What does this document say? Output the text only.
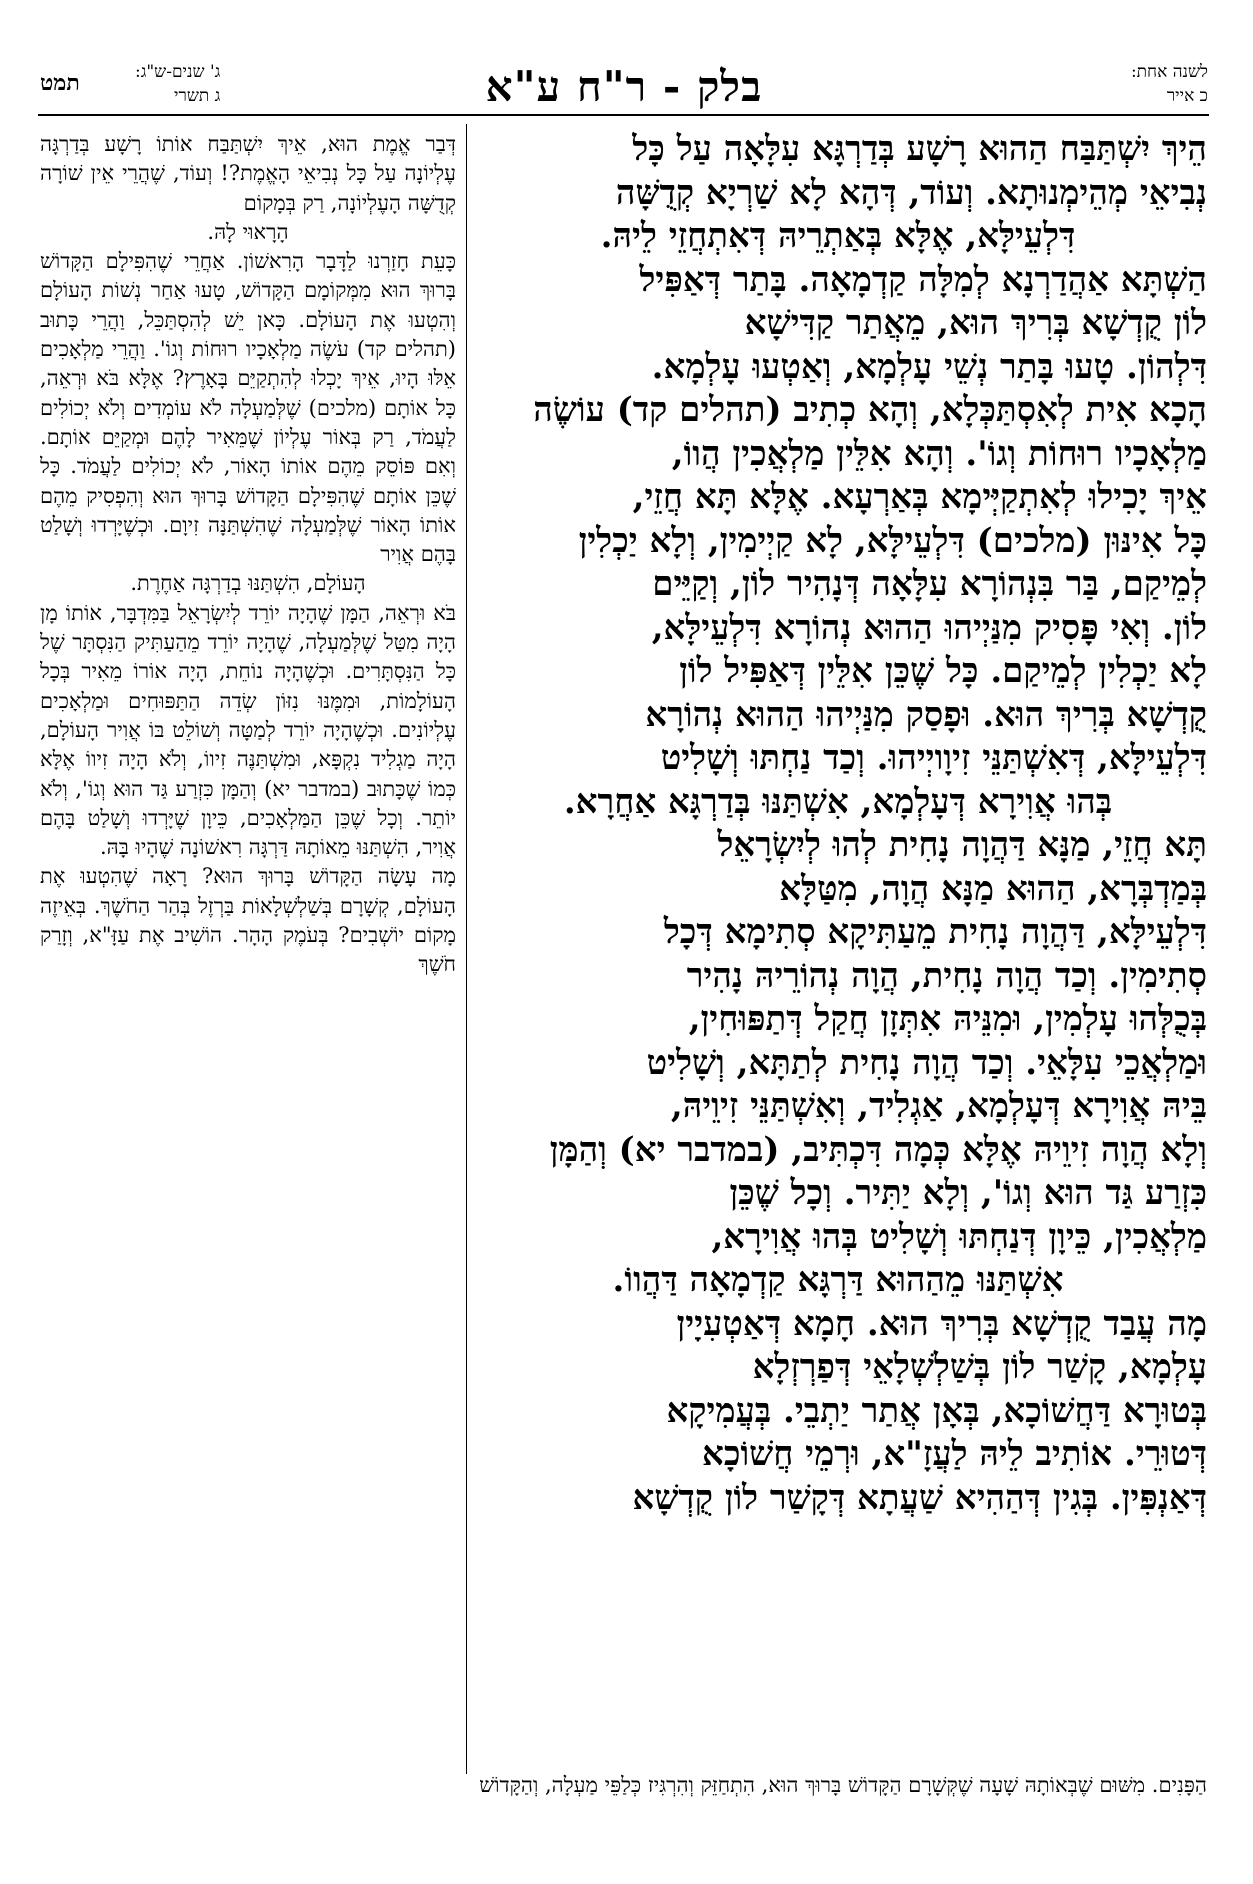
לשנה אחת:
כ אייר
בלק - ר"ח ע"א
ג' שנים-ש"ג:
ג תשרי
תמט

הֵיךְ יִשְׁתַּבַּח הַהוּא רָשָׁע בְּדַרְגָּא עִלָּאָה עַל כָּל

נְבִיאֵי מְהֵימְנוּתָא. וְעוֹד, דְּהָא לָא שַׁרְיָא קְדֻשָּׁה

דִּלְעֵילָּא, אֶלָּא בְּאַתְרֵיהּ דְּאִתְחֲזֵי לֵיהּ.

הַשְׁתָּא אַהֲדַרְנָא לְמִלָּה קַדְמָאָה. בָּתַר דְּאַפִּיל

לוֹן קֻדְשָׁא בְּרִיךְ הוּא, מֵאֲתַר קַדִּישָׁא

דִּלְהוֹן. טָעוּ בָּתַר נְשֵׁי עָלְמָא, וְאַטְעוּ עָלְמָא.

הָכָא אִית לְאִסְתַּכְּלָא, וְהָא כְתִיב (תהלים קד) עוֹשֶׂה

מַלְאָכָיו רוּחוֹת וְגוֹ'. וְהָא אִלֵּין מַלְאֲכִין הֲווֹ,

אֵיךְ יָכִילוּ לְאִתְקַיְּימָא בְּאַרְעָא. אֶלָּא תָּא חֲזֵי,

כָּל אִינּוּן (מלכים) דִּלְעֵילָּא, לָא קַיְימִין, וְלָא יַכְלִין

לְמֵיקַם, בַּר בִּנְהוֹרָא עִלָּאָה דְּנָהִיר לוֹן, וְקַיֵּים

לוֹן. וְאִי פָּסִיק מִנַּיְיהוּ הַהוּא נְהוֹרָא דִּלְעֵילָּא,

לָא יַכְלִין לְמֵיקַם. כָּל שֶׁכֵּן אִלֵּין דְּאַפִּיל לוֹן

קֻדְשָׁא בְּרִיךְ הוּא. וּפָסַק מִנַּיְיהוּ הַהוּא נְהוֹרָא

דִּלְעֵילָּא, דְּאִשְׁתַּנֵּי זִיוָויְיהוּ. וְכַד נַחְתּוּ וְשָׁלִיט

בְּהוּ אֲוִירָא דְּעָלְמָא, אִשְׁתַּנּוּ בְּדַרְגָּא אַחֲרָא.

תָּא חֲזֵי, מַנָּא דַּהֲוָה נָחִית לְהוּ לְיִשְׂרָאֵל

בְּמַדְבְּרָא, הַהוּא מַנָּא הֲוָה, מִטַּלָּא

דִּלְעֵילָּא, דַּהֲוָה נָחִית מֵעַתִּיקָא סְתִימָא דְּכָל

סְתִימִין. וְכַד הֲוָה נָחִית, הֲוָה נְהוֹרֵיהּ נָהִיר

בְּכֻלְּהוּ עָלְמִין, וּמִנֵּיהּ אִתְּזָן חֲקַל דְּתַפּוּחִין,

וּמַלְאֲכֵי עִלָּאֵי. וְכַד הֲוָה נָחִית לְתַתָּא, וְשָׁלִיט

בֵּיהּ אֲוִירָא דְּעָלְמָא, אַגְלִיד, וְאִשְׁתַּנֵּי זִיוֵיהּ,

וְלָא הֲוָה זִיוֵיהּ אֶלָּא כְּמָה דִּכְתִּיב, (במדבר יא) וְהַמָּן

כִּזְרַע גַּד הוּא וְגוֹ', וְלָא יַתִּיר. וְכָל שֶׁכֵּן

מַלְאֲכִין, כֵּיוָן דְּנַחְתּוּ וְשָׁלִיט בְּהוּ אֲוִירָא,

אִשְׁתַּנּוּ מֵהַהוּא דַּרְגָּא קַדְמָאָה דַּהֲווֹ.

מָה עֲבַד קֻדְשָׁא בְּרִיךְ הוּא. חָמָא דְּאַטְעִיָין

עָלְמָא, קָשַׁר לוֹן בְּשַׁלְשְׁלָאֵי דְּפַרְזְלָא

בְּטוּרָא דַּחֲשׁוֹכָא, בְּאָן אֲתַר יַתְבֵי. בְּעֲמִיקָא

דְּטוּרֵי. אוֹתִיב לֵיהּ לַעֲזָ"א, וּרְמֵי חֲשׁוֹכָא

דְּאַנְפִּין. בְּגִין דְּהַהִיא שַׁעֲתָא דְּקָשַׁר לוֹן קֻדְשָׁא

דְּבַר אֱמֶת הוּא, אֵיךְ יִשְׁתַּבַּח אוֹתוֹ רָשָׁע בְּדַרְגָּה עֶלְיוֹנָה עַל כָּל נְבִיאֵי הָאֱמֶת?! וְעוֹד, שֶׁהֲרֵי אֵין שׁוֹרָה קְדֻשָּׁה הָעֶלְיוֹנָה, רַק בְּמָקוֹם

הָרָאוּי לָהּ.

כָּעֵת חָזַרְנוּ לַדָּבָר הָרִאשׁוֹן. אַחֲרֵי שֶׁהִפִּילָם הַקָּדוֹשׁ בָּרוּךְ הוּא מִמְּקוֹמָם הַקָּדוֹשׁ, טָעוּ אַחַר נְשׁוֹת הָעוֹלָם וְהִטְעוּ אֶת הָעוֹלָם. כָּאן יֵשׁ לְהִסְתַּכֵּל, וַהֲרֵי כָּתוּב (תהלים קד) עֹשֶׂה מַלְאָכָיו רוּחוֹת וְגוֹ'. וַהֲרֵי מַלְאָכִים אֵלּוּ הָיוּ, אֵיךְ יָכְלוּ לְהִתְקַיֵּם בָּאָרֶץ? אֶלָּא בֹּא וּרְאֵה, כָּל אוֹתָם (מלכים) שֶׁלְּמַעְלָה לֹא עוֹמְדִים וְלֹא יְכוֹלִים לַעֲמֹד, רַק בְּאוֹר עֶלְיוֹן שֶׁמֵּאִיר לָהֶם וּמְקַיֵּם אוֹתָם. וְאִם פּוֹסֵק מֵהֶם אוֹתוֹ הָאוֹר, לֹא יְכוֹלִים לַעֲמֹד. כָּל שֶׁכֵּן אוֹתָם שֶׁהִפִּילָם הַקָּדוֹשׁ בָּרוּךְ הוּא וְהִפְסִיק מֵהֶם אוֹתוֹ הָאוֹר שֶׁלְּמַעְלָה שֶׁהִשְׁתַּנָּה זִיוָם. וּכְשֶׁיָּרְדוּ וְשָׁלַט בָּהֶם אֲוִיר

הָעוֹלָם, הִשְׁתַּנּוּ בְדַרְגָּה אַחֶרֶת.

בֹּא וּרְאֵה, הַמָּן שֶׁהָיָה יוֹרֵד לְיִשְׂרָאֵל בַּמִּדְבָּר, אוֹתוֹ מָן הָיָה מִטַּל שֶׁלְּמַעְלָה, שֶׁהָיָה יוֹרֵד מֵהַעַתִּיק הַנִּסְתָּר שֶׁל כָּל הַנִּסְתָּרִים. וּכְשֶׁהָיָה נוֹחֵת, הָיָה אוֹרוֹ מֵאִיר בְּכָל הָעוֹלָמוֹת, וּמִמֶּנּוּ נִזּוֹן שְׂדֵה הַתַּפּוּחִים וּמַלְאָכִים עֶלְיוֹנִים. וּכְשֶׁהָיָה יוֹרֵד לְמַטָּה וְשׁוֹלֵט בּוֹ אֲוִיר הָעוֹלָם, הָיָה מַגְלִיד נִקְפָּא, וּמִשְׁתַּנֶּה זִיווֹ, וְלֹא הָיָה זִיווֹ אֶלָּא כְּמוֹ שֶׁכָּתוּב (במדבר יא) וְהַמָּן כִּזְרַע גַּד הוּא וְגוֹ', וְלֹא יוֹתֵר. וְכָל שֶׁכֵּן הַמַּלְאָכִים, כֵּיוָן שֶׁיָּרְדוּ וְשָׁלַט בָּהֶם אֲוִיר, הִשְׁתַּנּוּ מֵאוֹתָהּ דַּרְגָּה רִאשׁוֹנָה שֶׁהָיוּ בָּהּ.

מָה עָשָׂה הַקָּדוֹשׁ בָּרוּךְ הוּא? רָאָה שֶׁהִטְעוּ אֶת הָעוֹלָם, קְשָׁרָם בְּשַׁלְשְׁלָאוֹת בַּרְזֶל בְּהַר הַחֹשֶׁךְ. בְּאֵיזֶה מָקוֹם יוֹשְׁבִים? בְּעֹמֶק הָהָר. הוֹשִׁיב אֶת עַזָּ"א, וְזָרַק חֹשֶׁךְ

הַפָּנִים. מִשּׁוּם שֶׁבְּאוֹתָהּ שָׁעָה שֶׁקְּשָׁרָם הַקָּדוֹשׁ בָּרוּךְ הוּא, הִתְחַזֵּק וְהִרְגִּיז כְּלַפֵּי מַעְלָה, וְהַקָּדוֹשׁ
